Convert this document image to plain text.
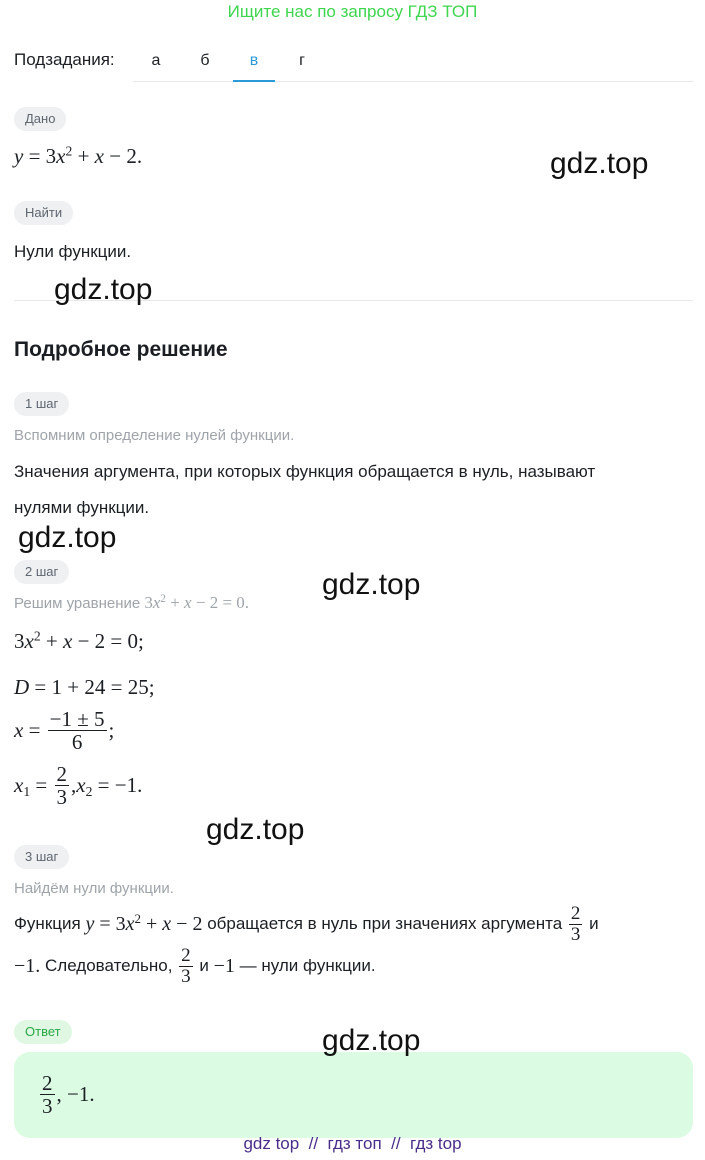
Ищите нас по запросу ГДЗ ТОП
Подзадания:	а	б	в	г
Дано
$y = 3x^2 + x - 2$.
Найти
Нули функции.
Подробное решение
1 шаг
Вспомним определение нулей функции.
Значения аргумента, при которых функция обращается в нуль, называют
нулями функции.
2 шаг
Решим уравнение $3x^2 + x - 2 = 0$.
$3x^2 + x - 2 = 0$;
D = 1 + 24 = 25;
$x = \frac{-1 \pm 5}{6}$ ;
$x_1 = \frac{2}{3}$ , $x_2 = -1$.
3 шаг
Найдём нули функции.
Функция
$y = 3x^2 + x - 2$
обращается в нуль при значениях аргумента
$\frac{2}{3}$
и
−1.
Следовательно,
$\frac{2}{3}$
и
−1
— нули функции.
Ответ
$\frac{2}{3}$ , −1.
gdz.top
gdz.top
gdz.top
gdz.top
gdz.top
gdz.top
gdz top  //  гдз топ  //  гдз top
